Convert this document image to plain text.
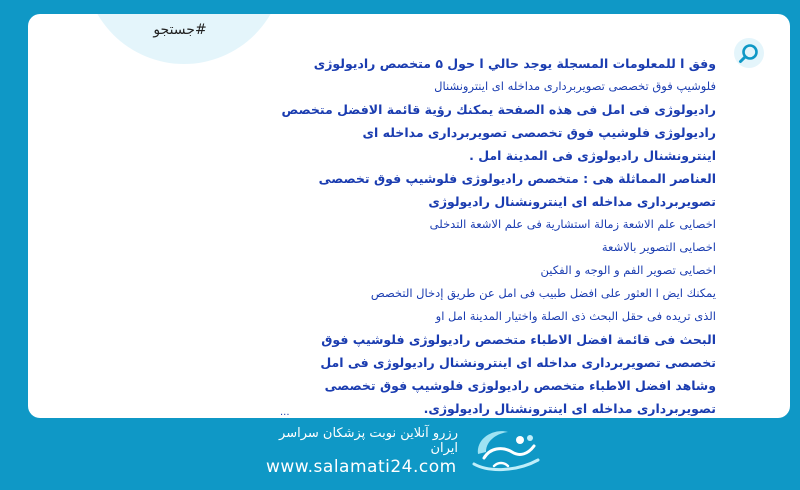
#جستجو
وفق ا للمعلومات المسجلة يوجد حالي ا حول ۵ متخصص راديولوژی
فلوشيپ فوق تخصصی تصويربرداری مداخله ای اينترونشنال
راديولوژی فی امل فی هذه الصفحة يمكنك رؤية قائمة الافضل متخصص
راديولوژی فلوشيپ فوق تخصصی تصويربرداری مداخله ای
اينترونشنال راديولوژی فی المدينة امل .
العناصر المماثلة هی : متخصص راديولوژی فلوشيپ فوق تخصصی
تصويربرداری مداخله ای اينترونشنال راديولوژی
اخصايی علم الاشعة زمالة استشارية فی علم الاشعة التدخلی
اخصايی التصوير بالاشعة
اخصايی تصوير الفم و الوجه و الفكين
يمكنك ايض ا العثور علی افضل طبيب فی امل عن طريق إدخال التخصص
الذی تريده فی حقل البحث ذی الصلة واختيار المدينة امل او
البحث فی قائمة افضل الاطباء متخصص راديولوژی فلوشيپ فوق
تخصصی تصويربرداری مداخله ای اينترونشنال راديولوژی فی امل
وشاهد افضل الاطباء متخصص راديولوژی فلوشيپ فوق تخصصی
تصويربرداری مداخله ای اينترونشنال راديولوژی.
...
رزرو آنلاین نوبت پزشکان سراسر ایران
www.salamati24.com
